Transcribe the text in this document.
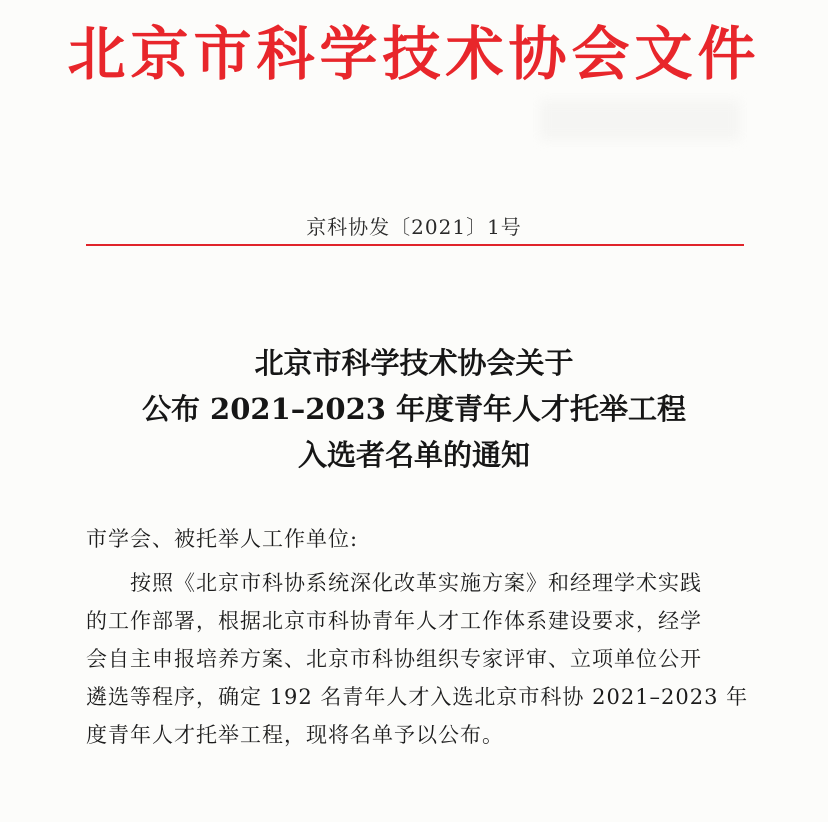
北京市科学技术协会文件
京科协发〔2021〕1号
北京市科学技术协会关于
公布 2021–2023 年度青年人才托举工程
入选者名单的通知
市学会、被托举人工作单位:
按照《北京市科协系统深化改革实施方案》和经理学术实践
的工作部署，根据北京市科协青年人才工作体系建设要求，经学
会自主申报培养方案、北京市科协组织专家评审、立项单位公开
遴选等程序，确定 192 名青年人才入选北京市科协 2021–2023 年
度青年人才托举工程，现将名单予以公布。
